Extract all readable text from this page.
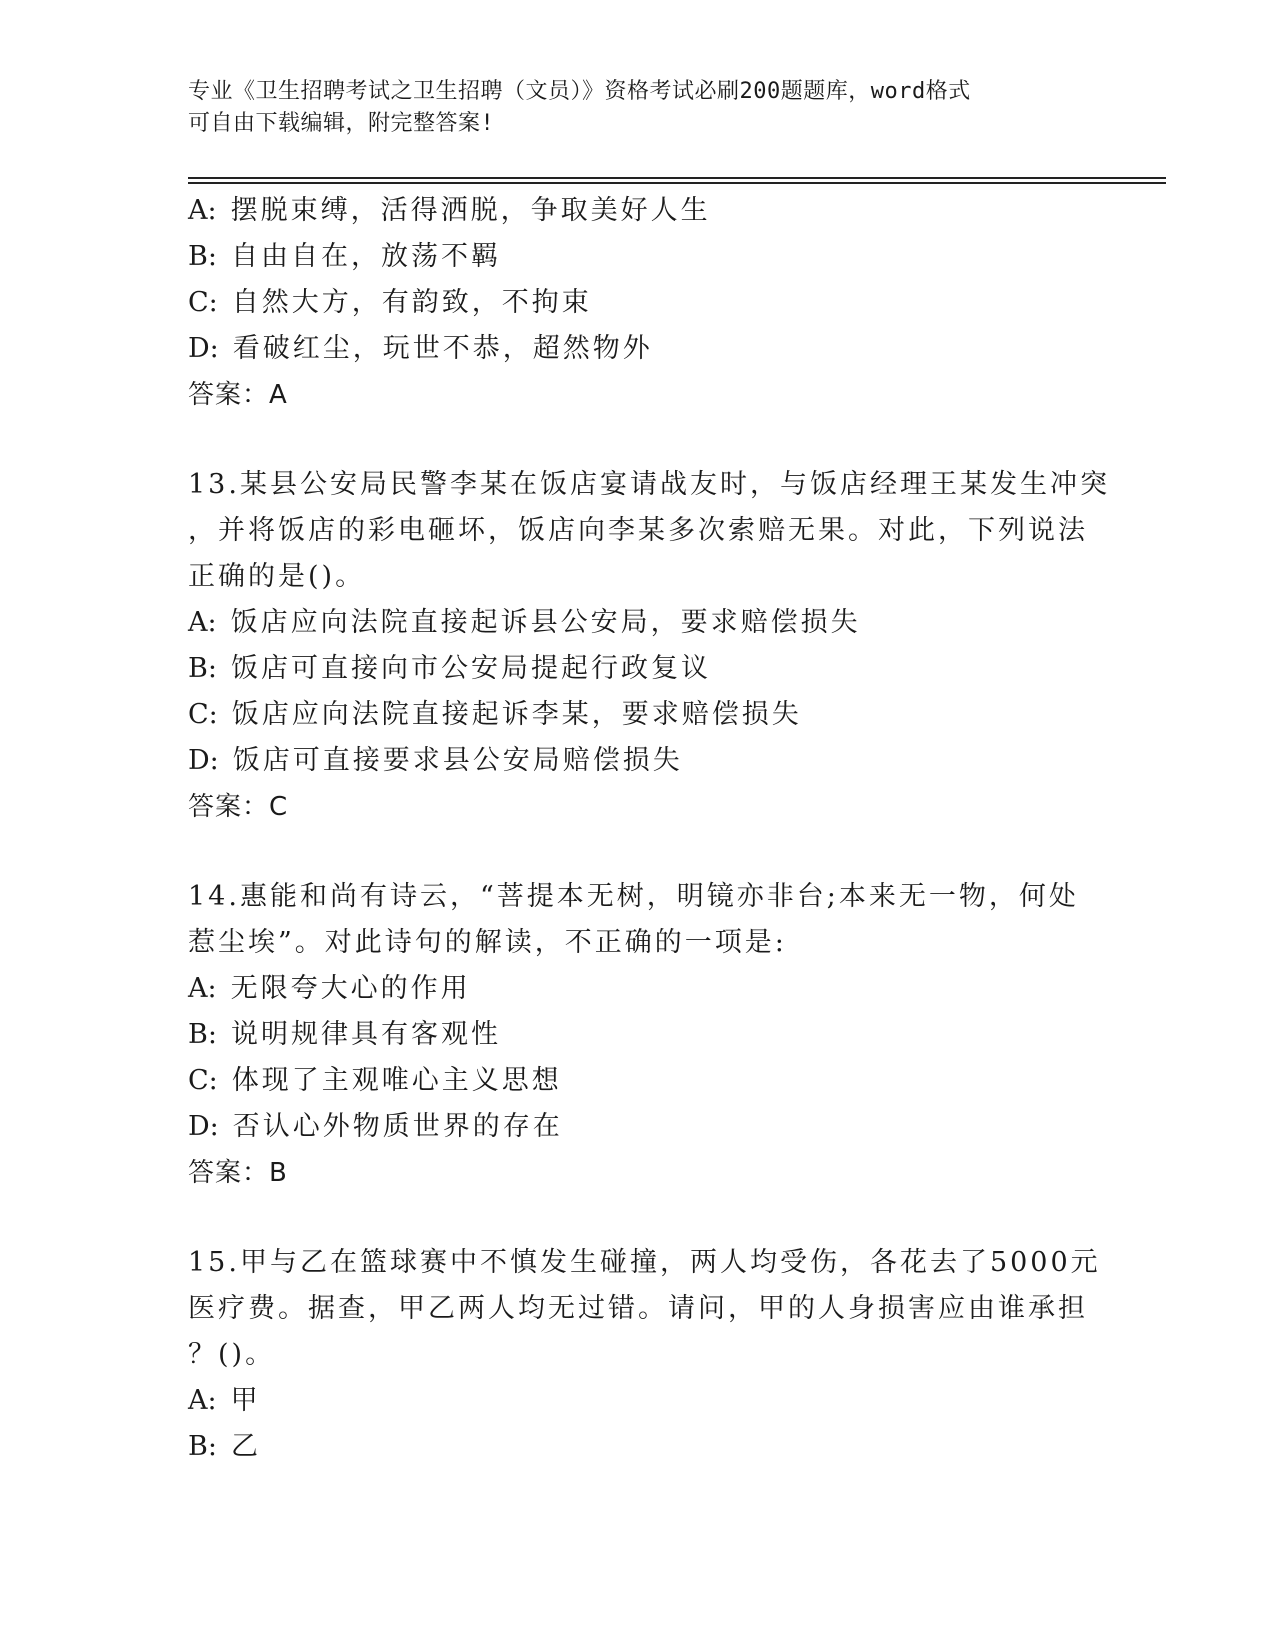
专业《卫生招聘考试之卫生招聘（文员）》资格考试必刷200题题库，word格式
可自由下载编辑，附完整答案!
A: 摆脱束缚，活得洒脱，争取美好人生
B: 自由自在，放荡不羁
C: 自然大方，有韵致，不拘束
D: 看破红尘，玩世不恭，超然物外
答案：A
13.某县公安局民警李某在饭店宴请战友时，与饭店经理王某发生冲突
，并将饭店的彩电砸坏，饭店向李某多次索赔无果。对此，下列说法
正确的是()。
A: 饭店应向法院直接起诉县公安局，要求赔偿损失
B: 饭店可直接向市公安局提起行政复议
C: 饭店应向法院直接起诉李某，要求赔偿损失
D: 饭店可直接要求县公安局赔偿损失
答案：C
14.惠能和尚有诗云，“菩提本无树，明镜亦非台;本来无一物，何处
惹尘埃”。对此诗句的解读，不正确的一项是:
A: 无限夸大心的作用
B: 说明规律具有客观性
C: 体现了主观唯心主义思想
D: 否认心外物质世界的存在
答案：B
15.甲与乙在篮球赛中不慎发生碰撞，两人均受伤，各花去了5000元
医疗费。据查，甲乙两人均无过错。请问，甲的人身损害应由谁承担
？()。
A: 甲
B: 乙
